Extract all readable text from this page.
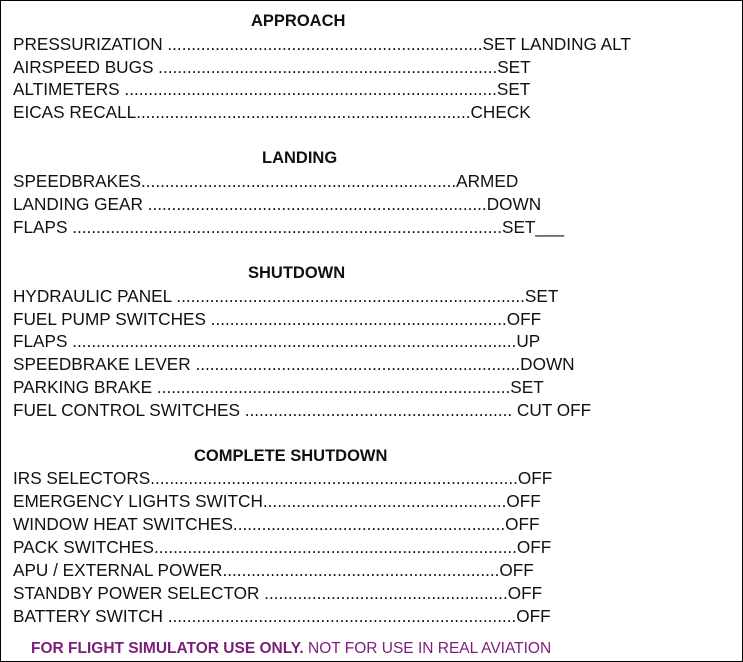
APPROACH
PRESSURIZATION ..................................................................SET LANDING ALT
AIRSPEED BUGS .......................................................................SET
ALTIMETERS ..............................................................................SET
EICAS RECALL......................................................................CHECK
LANDING
SPEEDBRAKES..................................................................ARMED
LANDING GEAR .......................................................................DOWN
FLAPS ..........................................................................................SET___
SHUTDOWN
HYDRAULIC PANEL .........................................................................SET
FUEL PUMP SWITCHES ..............................................................OFF
FLAPS .............................................................................................UP
SPEEDBRAKE LEVER ....................................................................DOWN
PARKING BRAKE ..........................................................................SET
FUEL CONTROL SWITCHES ........................................................ CUT OFF
COMPLETE SHUTDOWN
IRS SELECTORS.............................................................................OFF
EMERGENCY LIGHTS SWITCH...................................................OFF
WINDOW HEAT SWITCHES.........................................................OFF
PACK SWITCHES............................................................................OFF
APU / EXTERNAL POWER..........................................................OFF
STANDBY POWER SELECTOR ...................................................OFF
BATTERY SWITCH .........................................................................OFF
FOR FLIGHT SIMULATOR USE ONLY. NOT FOR USE IN REAL AVIATION
